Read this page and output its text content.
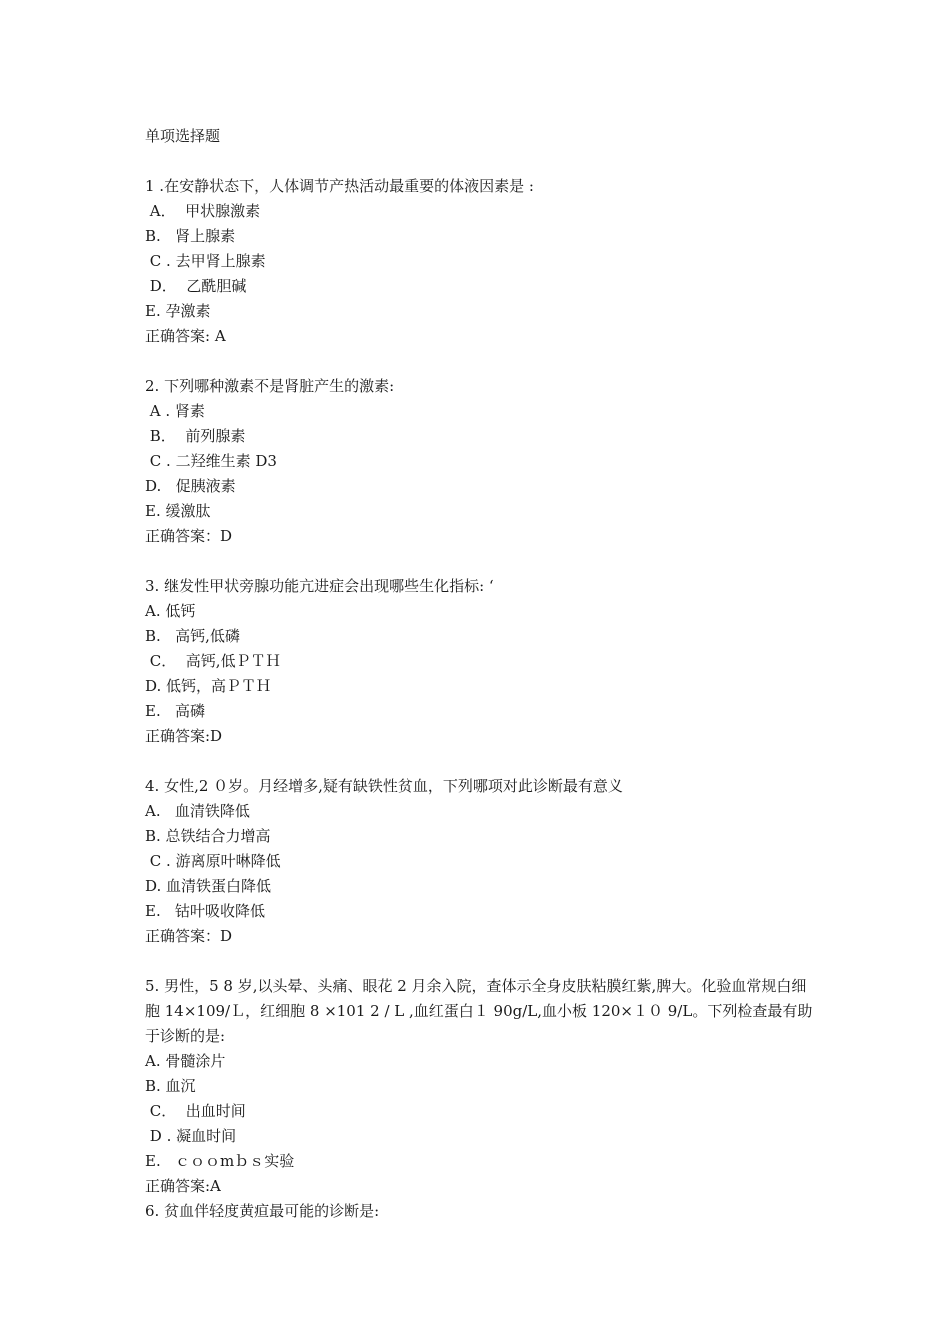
单项选择题
1 .在安静状态下，人体调节产热活动最重要的体液因素是 :
A．  甲状腺激素
B.   肾上腺素
C . 去甲肾上腺素
D．  乙酰胆碱
E. 孕激素
正确答案: A
2. 下列哪种激素不是肾脏产生的激素:
A . 肾素
B．  前列腺素
C . 二羟维生素 D3
D.   促胰液素
E. 缓激肽
正确答案：D
3. 继发性甲状旁腺功能亢进症会出现哪些生化指标: ‘
A. 低钙
B.   高钙,低磷
C．  高钙,低ＰＴＨ
D. 低钙，高ＰＴＨ
E.   高磷
正确答案:D
4. 女性,2 ０岁。月经增多,疑有缺铁性贫血，下列哪项对此诊断最有意义
A.   血清铁降低
B. 总铁结合力增高
C . 游离原叶啉降低
D. 血清铁蛋白降低
E.   钴叶吸收降低
正确答案：D
5. 男性，5 8 岁,以头晕、头痛、眼花 2 月余入院，查体示全身皮肤粘膜红紫,脾大。化验血常规白细胞 14×109/Ｌ，红细胞 8 ×101 2 / L ,血红蛋白１ 90g/L,血小板 120×１０ 9/L。下列检查最有助于诊断的是:
A. 骨髓涂片
B. 血沉
C．  出血时间
D . 凝血时间
E.   ｃｏｏmｂｓ实验
正确答案:A
6. 贫血伴轻度黄疸最可能的诊断是:
